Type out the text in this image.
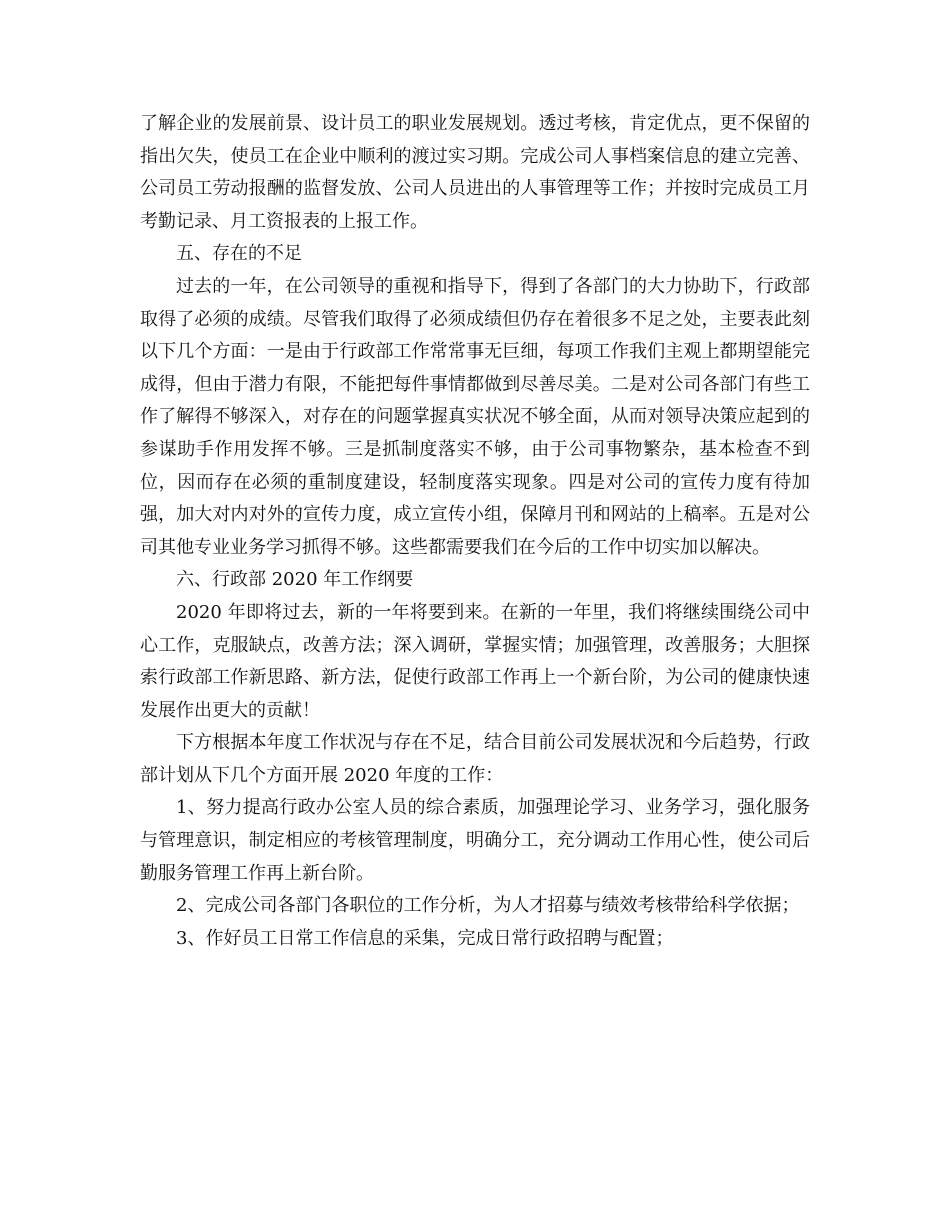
了解企业的发展前景、设计员工的职业发展规划。透过考核，肯定优点，更不保留的指出欠失，使员工在企业中顺利的渡过实习期。完成公司人事档案信息的建立完善、公司员工劳动报酬的监督发放、公司人员进出的人事管理等工作；并按时完成员工月考勤记录、月工资报表的上报工作。

五、存在的不足

过去的一年，在公司领导的重视和指导下，得到了各部门的大力协助下，行政部取得了必须的成绩。尽管我们取得了必须成绩但仍存在着很多不足之处，主要表此刻以下几个方面：一是由于行政部工作常常事无巨细，每项工作我们主观上都期望能完成得，但由于潜力有限，不能把每件事情都做到尽善尽美。二是对公司各部门有些工作了解得不够深入，对存在的问题掌握真实状况不够全面，从而对领导决策应起到的参谋助手作用发挥不够。三是抓制度落实不够，由于公司事物繁杂，基本检查不到位，因而存在必须的重制度建设，轻制度落实现象。四是对公司的宣传力度有待加强，加大对内对外的宣传力度，成立宣传小组，保障月刊和网站的上稿率。五是对公司其他专业业务学习抓得不够。这些都需要我们在今后的工作中切实加以解决。

六、行政部 2020 年工作纲要

2020 年即将过去，新的一年将要到来。在新的一年里，我们将继续围绕公司中心工作，克服缺点，改善方法；深入调研，掌握实情；加强管理，改善服务；大胆探索行政部工作新思路、新方法，促使行政部工作再上一个新台阶，为公司的健康快速发展作出更大的贡献！

下方根据本年度工作状况与存在不足，结合目前公司发展状况和今后趋势，行政部计划从下几个方面开展 2020 年度的工作：

1、努力提高行政办公室人员的综合素质，加强理论学习、业务学习，强化服务与管理意识，制定相应的考核管理制度，明确分工，充分调动工作用心性，使公司后勤服务管理工作再上新台阶。

2、完成公司各部门各职位的工作分析，为人才招募与绩效考核带给科学依据；

3、作好员工日常工作信息的采集，完成日常行政招聘与配置；
